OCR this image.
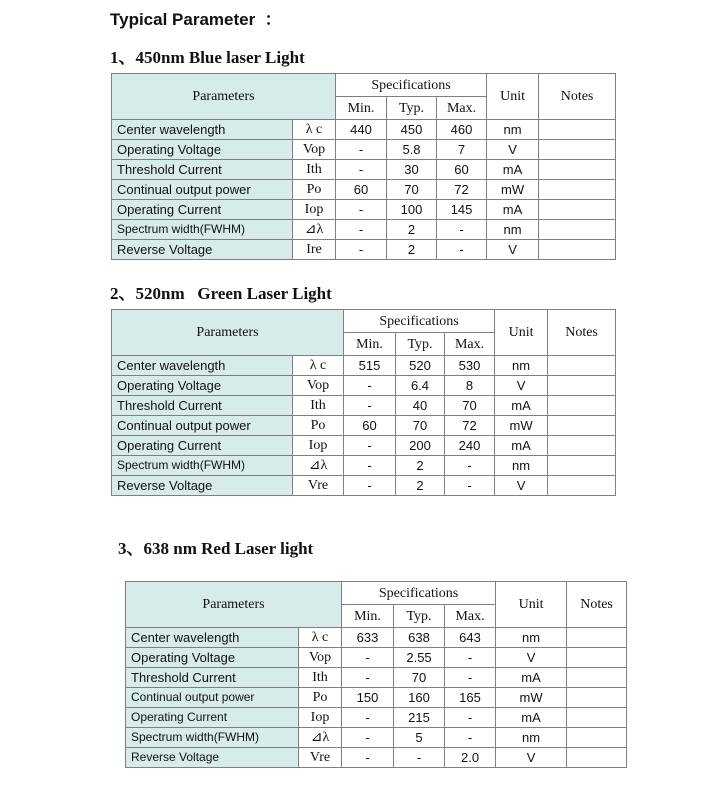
Typical Parameter  ：
1、450nm Blue laser Light
Parameters		Specifications			Unit	Notes
		Min.	Typ.	Max.		
Center wavelength	λ c	440	450	460	nm	
Operating Voltage	Vop	-	5.8	7	V	
Threshold Current	Ith	-	30	60	mA	
Continual output power	Po	60	70	72	mW	
Operating Current	Iop	-	100	145	mA	
Spectrum width(FWHM)	⊿λ	-	2	-	nm	
Reverse Voltage	Ire	-	2	-	V	
2、520nm   Green Laser Light
Parameters		Specifications			Unit	Notes
		Min.	Typ.	Max.		
Center wavelength	λ c	515	520	530	nm	
Operating Voltage	Vop	-	6.4	8	V	
Threshold Current	Ith	-	40	70	mA	
Continual output power	Po	60	70	72	mW	
Operating Current	Iop	-	200	240	mA	
Spectrum width(FWHM)	⊿λ	-	2	-	nm	
Reverse Voltage	Vre	-	2	-	V	
3、638 nm Red Laser light
Parameters		Specifications			Unit	Notes
		Min.	Typ.	Max.		
Center wavelength	λ c	633	638	643	nm	
Operating Voltage	Vop	-	2.55	-	V	
Threshold Current	Ith	-	70	-	mA	
Continual output power	Po	150	160	165	mW	
Operating Current	Iop	-	215	-	mA	
Spectrum width(FWHM)	⊿λ	-	5	-	nm	
Reverse Voltage	Vre	-	-	2.0	V	
